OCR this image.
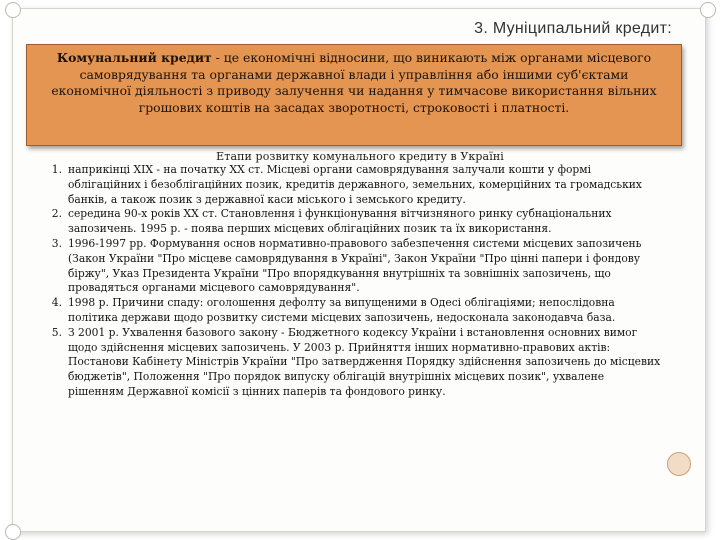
3. Муніципальний кредит:
Комунальний кредит - це економічні відносини, що виникають між органами місцевого самоврядування та органами державної влади і управління або іншими суб'єктами економічної діяльності з приводу залучення чи надання у тимчасове використання вільних грошових коштів на засадах зворотності, строковості і платності.
Етапи розвитку комунального кредиту в Україні
1. наприкінці XIX - на початку XX ст. Місцеві органи самоврядування залучали кошти у формі облігаційних і безоблігаційних позик, кредитів державного, земельних, комерційних та громадських банків, а також позик з державної каси міського і земського кредиту.
2. середина 90-х років XX ст. Становлення і функціонування вітчизняного ринку субнаціональних запозичень. 1995 р. - поява перших місцевих облігаційних позик та їх використання.
3. 1996-1997 рр. Формування основ нормативно-правового забезпечення системи місцевих запозичень (Закон України "Про місцеве самоврядування в Україні", Закон України "Про цінні папери і фондову біржу", Указ Президента України "Про впорядкування внутрішніх та зовнішніх запозичень, що провадяться органами місцевого самоврядування".
4. 1998 р. Причини спаду: оголошення дефолту за випущеними в Одесі облігаціями; непослідовна політика держави щодо розвитку системи місцевих запозичень, недосконала законодавча база.
5. З 2001 р. Ухвалення базового закону - Бюджетного кодексу України і встановлення основних вимог щодо здійснення місцевих запозичень. У 2003 р. Прийняття інших нормативно-правових актів: Постанови Кабінету Міністрів України "Про затвердження Порядку здійснення запозичень до місцевих бюджетів", Положення "Про порядок випуску облігацій внутрішніх місцевих позик", ухвалене рішенням Державної комісії з цінних паперів та фондового ринку.
